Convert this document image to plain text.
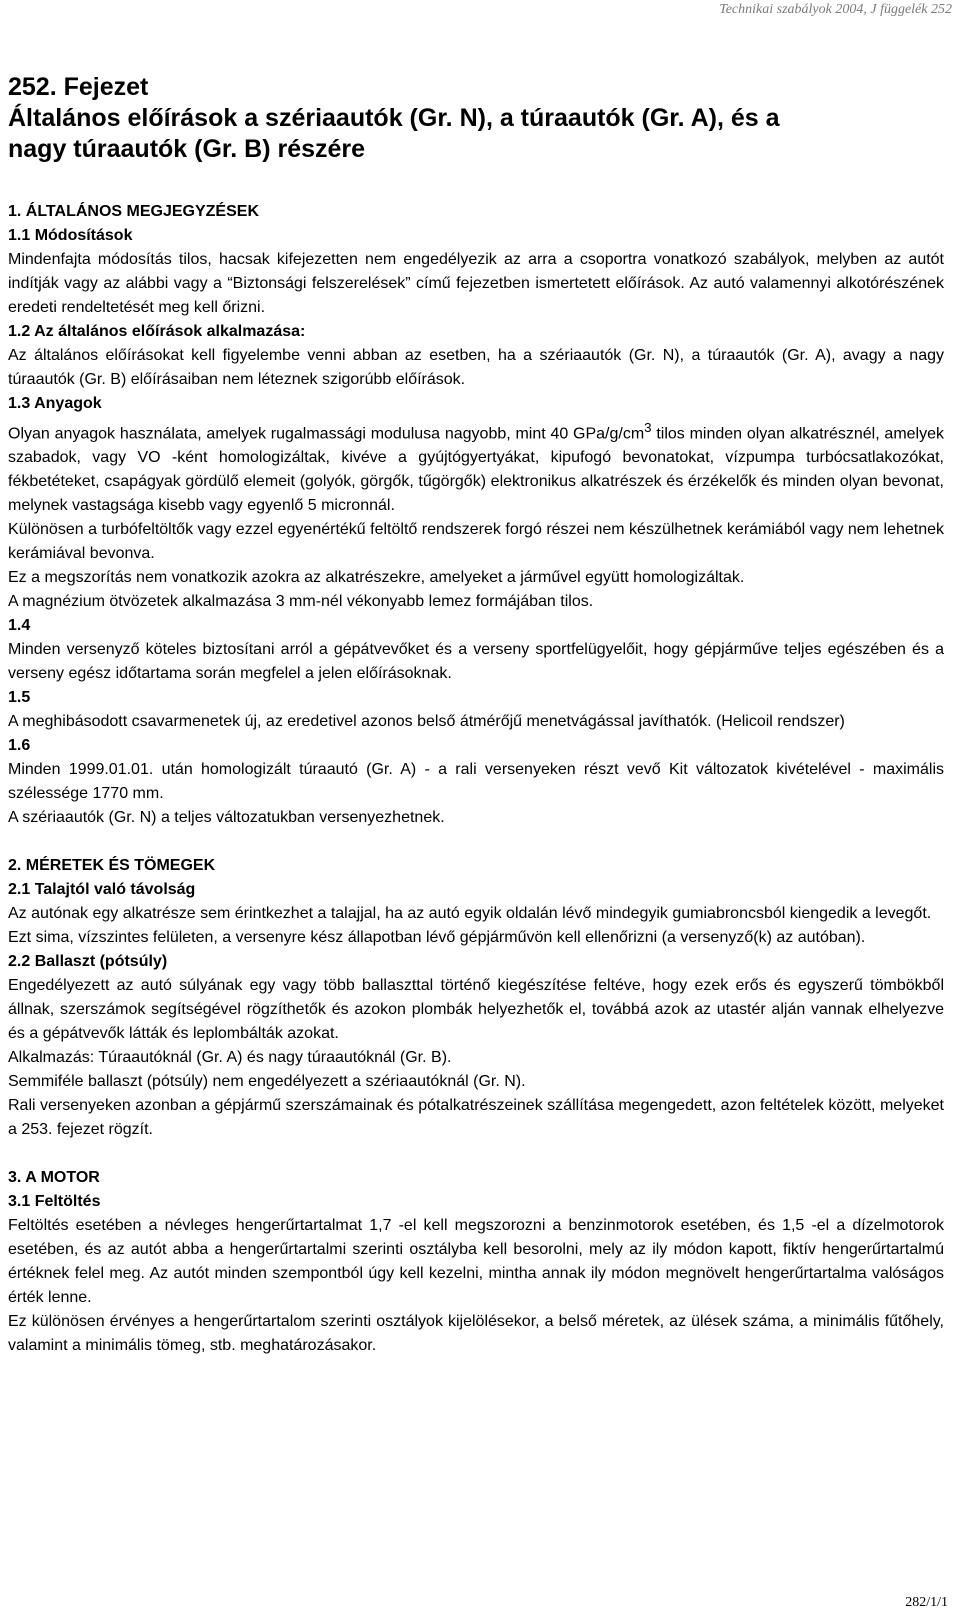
Technikai szabályok 2004, J függelék 252
252. Fejezet
Általános előírások a szériaautók (Gr. N), a túraautók (Gr. A), és a
nagy túraautók (Gr. B) részére

1. ÁLTALÁNOS MEGJEGYZÉSEK

1.1 Módosítások

Mindenfajta módosítás tilos, hacsak kifejezetten nem engedélyezik az arra a csoportra vonatkozó szabályok, melyben az autót indítják vagy az alábbi vagy a “Biztonsági felszerelések” című fejezetben ismertetett előírások. Az autó valamennyi alkotórészének eredeti rendeltetését meg kell őrizni.

1.2 Az általános előírások alkalmazása:

Az általános előírásokat kell figyelembe venni abban az esetben, ha a szériaautók (Gr. N), a túraautók (Gr. A), avagy a nagy túraautók (Gr. B) előírásaiban nem léteznek szigorúbb előírások.

1.3 Anyagok

Olyan anyagok használata, amelyek rugalmassági modulusa nagyobb, mint 40 GPa/$g/cm^3$ tilos minden olyan alkatrésznél, amelyek szabadok, vagy VO -ként homologizáltak, kivéve a gyújtógyertyákat, kipufogó bevonatokat, vízpumpa turbócsatlakozókat, fékbetéteket, csapágyak gördülő elemeit (golyók, görgők, tűgörgők) elektronikus alkatrészek és érzékelők és minden olyan bevonat, melynek vastagsága kisebb vagy egyenlő 5 micronnál.

Különösen a turbófeltöltők vagy ezzel egyenértékű feltöltő rendszerek forgó részei nem készülhetnek kerámiából vagy nem lehetnek kerámiával bevonva.

Ez a megszorítás nem vonatkozik azokra az alkatrészekre, amelyeket a járművel együtt homologizáltak.

A magnézium ötvözetek alkalmazása 3 mm-nél vékonyabb lemez formájában tilos.

1.4

Minden versenyző köteles biztosítani arról a gépátvevőket és a verseny sportfelügyelőit, hogy gépjárműve teljes egészében és a verseny egész időtartama során megfelel a jelen előírásoknak.

1.5

A meghibásodott csavarmenetek új, az eredetivel azonos belső átmérőjű menetvágással javíthatók. (Helicoil rendszer)

1.6

Minden 1999.01.01. után homologizált túraautó (Gr. A) - a rali versenyeken részt vevő Kit változatok kivételével - maximális szélessége 1770 mm.

A szériaautók (Gr. N) a teljes változatukban versenyezhetnek.

2. MÉRETEK ÉS TÖMEGEK

2.1 Talajtól való távolság

Az autónak egy alkatrésze sem érintkezhet a talajjal, ha az autó egyik oldalán lévő mindegyik gumiabroncsból kiengedik a levegőt.

Ezt sima, vízszintes felületen, a versenyre kész állapotban lévő gépjárművön kell ellenőrizni (a versenyző(k) az autóban).

2.2 Ballaszt (pótsúly)

Engedélyezett az autó súlyának egy vagy több ballaszttal történő kiegészítése feltéve, hogy ezek erős és egyszerű tömbökből állnak, szerszámok segítségével rögzíthetők és azokon plombák helyezhetők el, továbbá azok az utastér alján vannak elhelyezve és a gépátvevők látták és leplombálták azokat.

Alkalmazás: Túraautóknál (Gr. A) és nagy túraautóknál (Gr. B).

Semmiféle ballaszt (pótsúly) nem engedélyezett a szériaautóknál (Gr. N).

Rali versenyeken azonban a gépjármű szerszámainak és pótalkatrészeinek szállítása megengedett, azon feltételek között, melyeket a 253. fejezet rögzít.

3. A MOTOR

3.1 Feltöltés

Feltöltés esetében a névleges hengerűrtartalmat 1,7 -el kell megszorozni a benzinmotorok esetében, és 1,5 -el a dízelmotorok esetében, és az autót abba a hengerűrtartalmi szerinti osztályba kell besorolni, mely az ily módon kapott, fiktív hengerűrtartalmú értéknek felel meg. Az autót minden szempontból úgy kell kezelni, mintha annak ily módon megnövelt hengerűrtartalma valóságos érték lenne.

Ez különösen érvényes a hengerűrtartalom szerinti osztályok kijelölésekor, a belső méretek, az ülések száma, a minimális fűtőhely, valamint a minimális tömeg, stb. meghatározásakor.

282/1/1
